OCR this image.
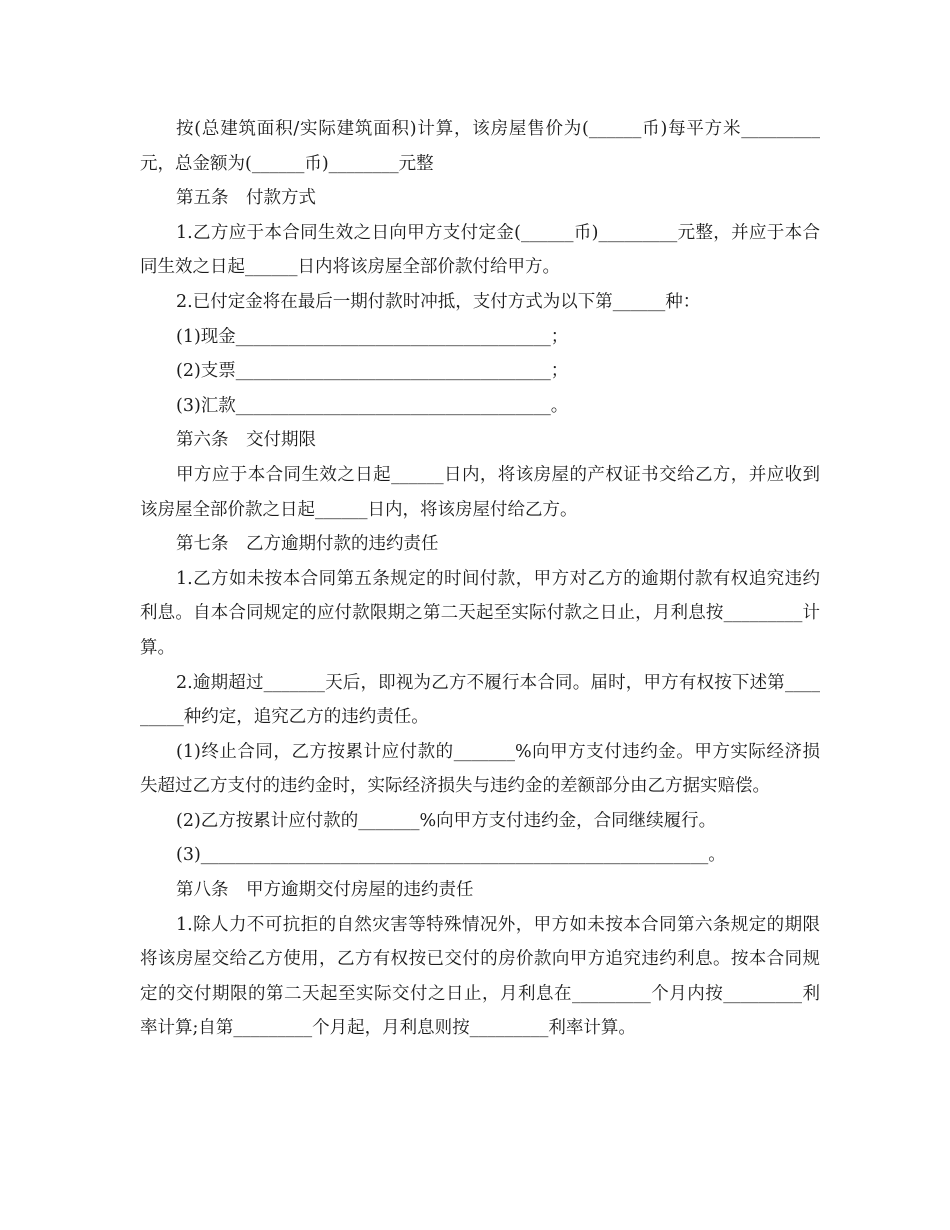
按(总建筑面积/实际建筑面积)计算，该房屋售价为(______币)每平方米_________元，总金额为(______币)________元整

第五条　付款方式

1.乙方应于本合同生效之日向甲方支付定金(______币)_________元整，并应于本合同生效之日起______日内将该房屋全部价款付给甲方。

2.已付定金将在最后一期付款时冲抵，支付方式为以下第______种：

(1)现金____________________________________；

(2)支票____________________________________；

(3)汇款____________________________________。

第六条　交付期限

甲方应于本合同生效之日起______日内，将该房屋的产权证书交给乙方，并应收到该房屋全部价款之日起______日内，将该房屋付给乙方。

第七条　乙方逾期付款的违约责任

1.乙方如未按本合同第五条规定的时间付款，甲方对乙方的逾期付款有权追究违约利息。自本合同规定的应付款限期之第二天起至实际付款之日止，月利息按_________计算。

2.逾期超过_______天后，即视为乙方不履行本合同。届时，甲方有权按下述第_________种约定，追究乙方的违约责任。

(1)终止合同，乙方按累计应付款的_______%向甲方支付违约金。甲方实际经济损失超过乙方支付的违约金时，实际经济损失与违约金的差额部分由乙方据实赔偿。

(2)乙方按累计应付款的_______%向甲方支付违约金，合同继续履行。

(3)__________________________________________________________。

第八条　甲方逾期交付房屋的违约责任

1.除人力不可抗拒的自然灾害等特殊情况外，甲方如未按本合同第六条规定的期限将该房屋交给乙方使用，乙方有权按已交付的房价款向甲方追究违约利息。按本合同规定的交付期限的第二天起至实际交付之日止，月利息在_________个月内按_________利率计算;自第_________个月起，月利息则按_________利率计算。
